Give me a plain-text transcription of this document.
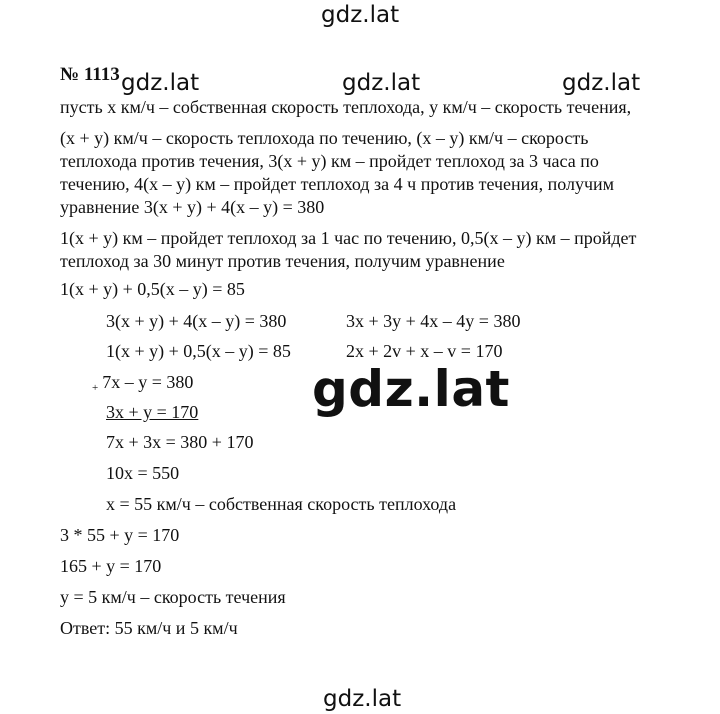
gdz.lat
gdz.lat	gdz.lat	gdz.lat
gdz.lat
gdz.lat
№ 1113
пусть х км/ч – собственная скорость теплохода, у км/ч – скорость течения,
(х + у) км/ч – скорость теплохода по течению, (х – у) км/ч – скорость
теплохода против течения, 3(х + у) км – пройдет теплоход за 3 часа по
течению, 4(х – у) км – пройдет теплоход за 4 ч против течения, получим
уравнение 3(х + у) + 4(х – у) = 380
1(х + у) км – пройдет теплоход за 1 час по течению, 0,5(х – у) км – пройдет
теплоход за 30 минут против течения, получим уравнение
1(х + у) + 0,5(х – у) = 85
3(х + у) + 4(х – у) = 380	3х + 3у + 4х – 4у = 380
1(х + у) + 0,5(х – у) = 85	2х + 2v + х – v = 170
+ 7х – у = 380
3х + у = 170
7х + 3х = 380 + 170
10х = 550
х = 55 км/ч – собственная скорость теплохода
3 * 55 + у = 170
165 + у = 170
у = 5 км/ч – скорость течения
Ответ: 55 км/ч и 5 км/ч
